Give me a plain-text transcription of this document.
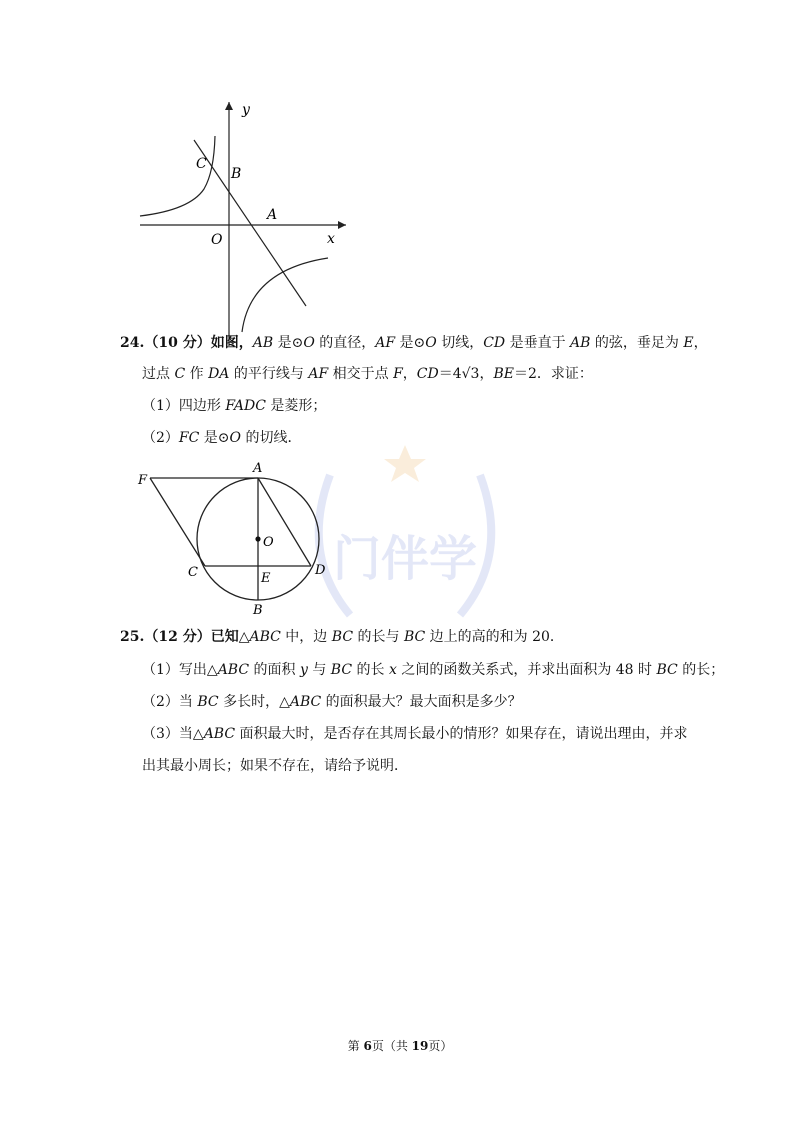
门伴学
y
x
O
C
B
A
24.（10 分）如图，AB 是⊙O 的直径，AF 是⊙O 切线，CD 是垂直于 AB 的弦，垂足为 E，
过点 C 作 DA 的平行线与 AF 相交于点 F，CD＝4√3，BE＝2．求证：
（1）四边形 FADC 是菱形；
（2）FC 是⊙O 的切线．
A
F
O
C	E
D
B
25.（12 分）已知△ABC 中，边 BC 的长与 BC 边上的高的和为 20．
（1）写出△ABC 的面积 y 与 BC 的长 x 之间的函数关系式，并求出面积为 48 时 BC 的长；
（2）当 BC 多长时，△ABC 的面积最大？最大面积是多少？
（3）当△ABC 面积最大时，是否存在其周长最小的情形？如果存在，请说出理由，并求
出其最小周长；如果不存在，请给予说明．
第 6页（共 19页）
